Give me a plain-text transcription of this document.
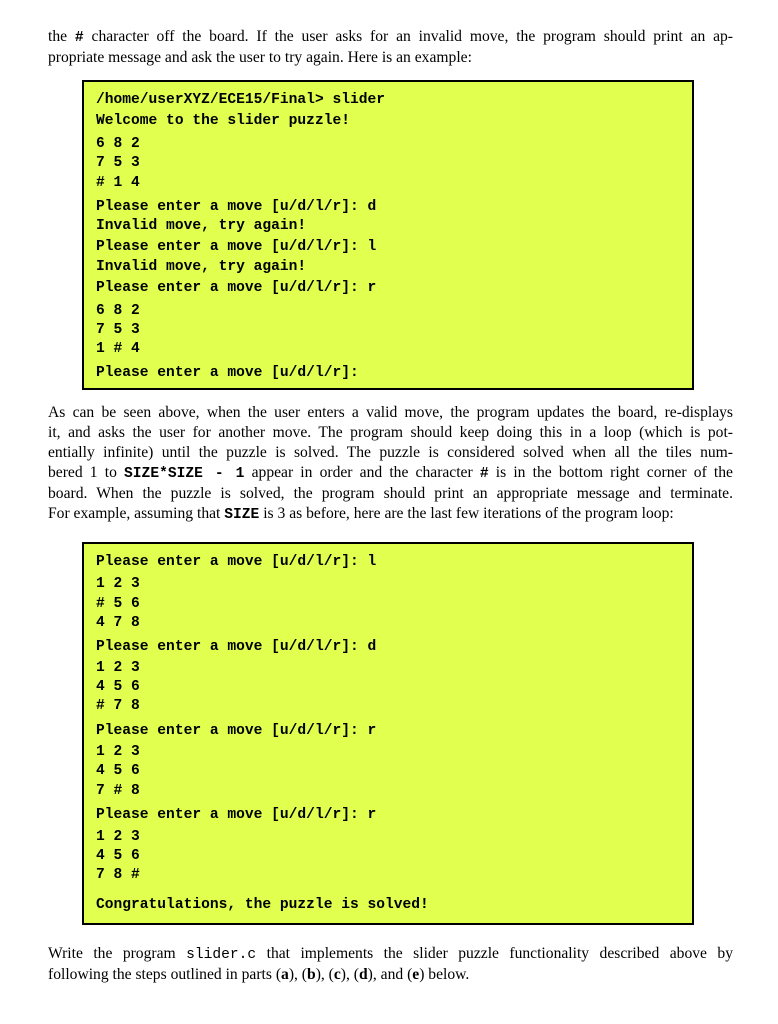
the # character off the board. If the user asks for an invalid move, the program should print an ap-
propriate message and ask the user to try again. Here is an example:
/home/userXYZ/ECE15/Final> slider
Welcome to the slider puzzle!
6 8 2
7 5 3
# 1 4
Please enter a move [u/d/l/r]: d
Invalid move, try again!
Please enter a move [u/d/l/r]: l
Invalid move, try again!
Please enter a move [u/d/l/r]: r
6 8 2
7 5 3
1 # 4
Please enter a move [u/d/l/r]:
As can be seen above, when the user enters a valid move, the program updates the board, re-displays
it, and asks the user for another move. The program should keep doing this in a loop (which is pot-
entially infinite) until the puzzle is solved. The puzzle is considered solved when all the tiles num-
bered 1 to SIZE*SIZE - 1 appear in order and the character # is in the bottom right corner of the
board. When the puzzle is solved, the program should print an appropriate message and terminate.
For example, assuming that SIZE is 3 as before, here are the last few iterations of the program loop:
Please enter a move [u/d/l/r]: l
1 2 3
# 5 6
4 7 8
Please enter a move [u/d/l/r]: d
1 2 3
4 5 6
# 7 8
Please enter a move [u/d/l/r]: r
1 2 3
4 5 6
7 # 8
Please enter a move [u/d/l/r]: r
1 2 3
4 5 6
7 8 #
Congratulations, the puzzle is solved!
Write the program slider.c that implements the slider puzzle functionality described above by
following the steps outlined in parts (a), (b), (c), (d), and (e) below.
